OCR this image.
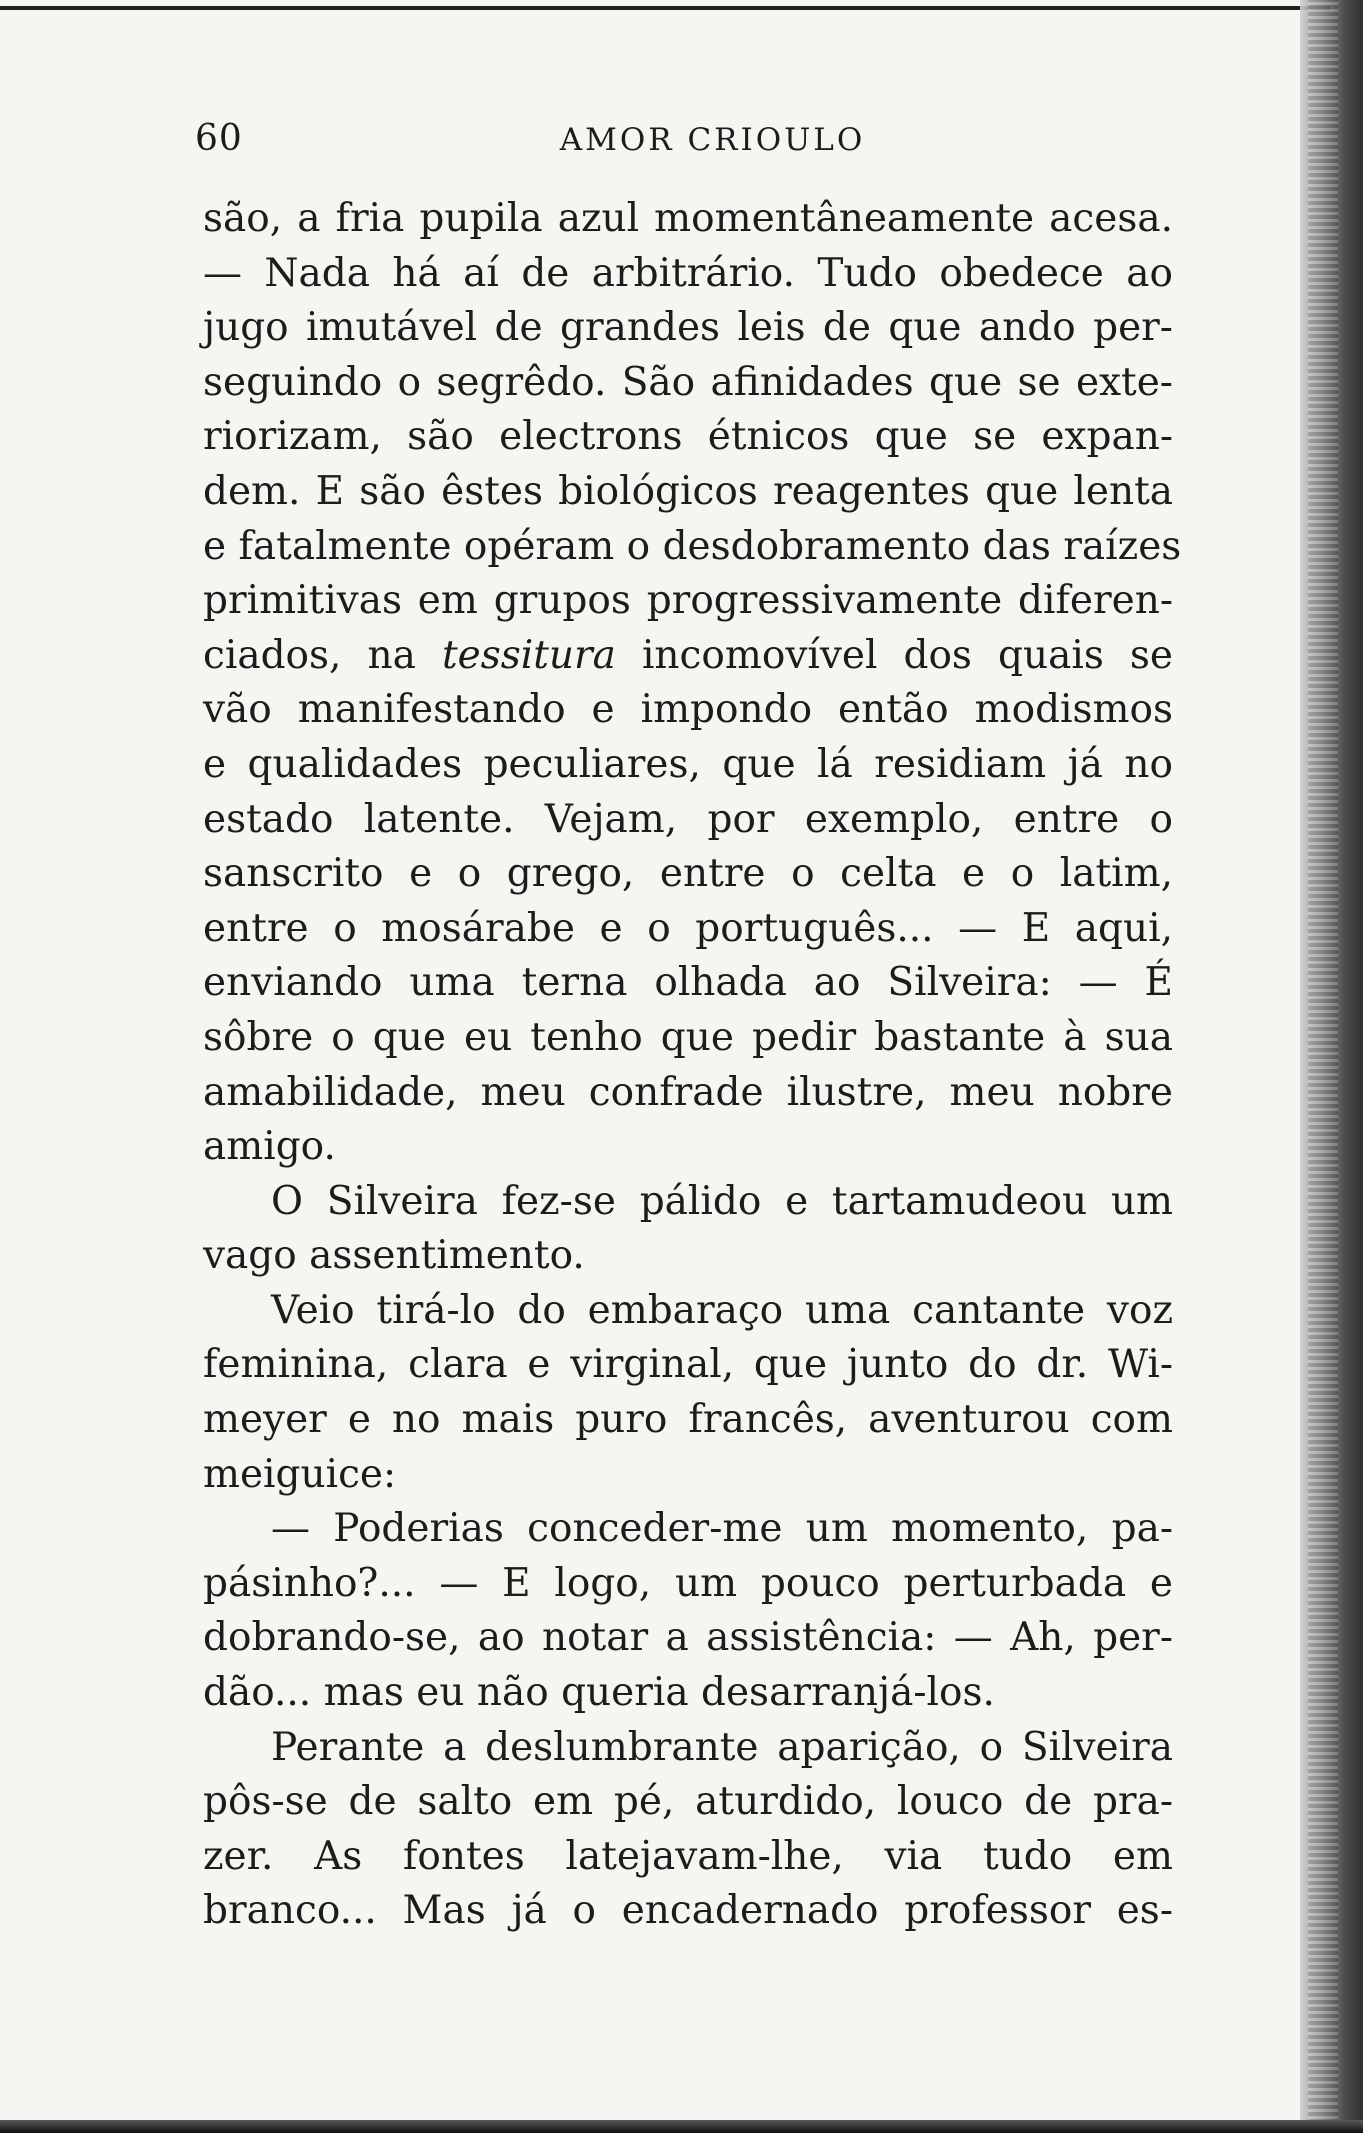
60	AMOR CRIOULO
são, a fria pupila azul momentâneamente acesa.
— Nada há aí de arbitrário. Tudo obedece ao
jugo imutável de grandes leis de que ando per-
seguindo o segrêdo. São afinidades que se exte-
riorizam, são electrons étnicos que se expan-
dem. E são êstes biológicos reagentes que lenta
e fatalmente opéram o desdobramento das raízes
primitivas em grupos progressivamente diferen-
ciados, na tessitura incomovível dos quais se
vão manifestando e impondo então modismos
e qualidades peculiares, que lá residiam já no
estado latente. Vejam, por exemplo, entre o
sanscrito e o grego, entre o celta e o latim,
entre o mosárabe e o português... — E aqui,
enviando uma terna olhada ao Silveira: — É
sôbre o que eu tenho que pedir bastante à sua
amabilidade, meu confrade ilustre, meu nobre
amigo.
O Silveira fez-se pálido e tartamudeou um
vago assentimento.
Veio tirá-lo do embaraço uma cantante voz
feminina, clara e virginal, que junto do dr. Wi-
meyer e no mais puro francês, aventurou com
meiguice:
— Poderias conceder-me um momento, pa-
pásinho?... — E logo, um pouco perturbada e
dobrando-se, ao notar a assistência: — Ah, per-
dão... mas eu não queria desarranjá-los.
Perante a deslumbrante aparição, o Silveira
pôs-se de salto em pé, aturdido, louco de pra-
zer. As fontes latejavam-lhe, via tudo em
branco... Mas já o encadernado professor es-
